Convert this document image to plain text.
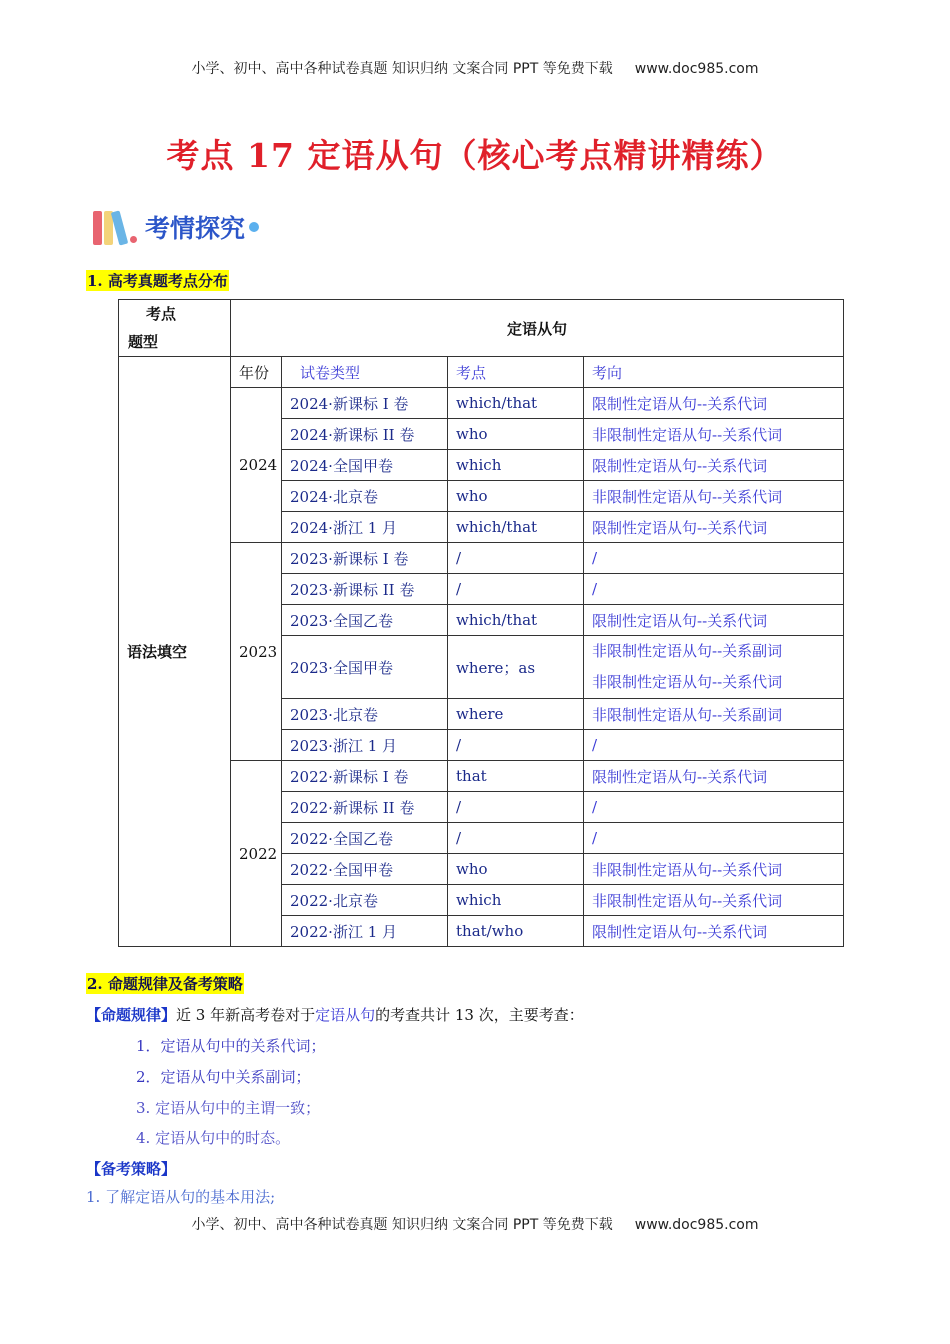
小学、初中、高中各种试卷真题 知识归纳 文案合同 PPT 等免费下载 www.doc985.com
考点 17 定语从句（核心考点精讲精练）
考情探究
1. 高考真题考点分布
考点
题型	定语从句			
语法填空	年份	试卷类型	考点	考向
	2024	2024·新课标 I 卷	which/that	限制性定语从句--关系代词
		2024·新课标 II 卷	who	非限制性定语从句--关系代词
		2024·全国甲卷	which	限制性定语从句--关系代词
		2024·北京卷	who	非限制性定语从句--关系代词
		2024·浙江 1 月	which/that	限制性定语从句--关系代词
	2023	2023·新课标 I 卷	/	/
		2023·新课标 II 卷	/	/
		2023·全国乙卷	which/that	限制性定语从句--关系代词
		2023·全国甲卷	where；as	非限制性定语从句--关系副词
非限制性定语从句--关系代词
		2023·北京卷	where	非限制性定语从句--关系副词
		2023·浙江 1 月	/	/
	2022	2022·新课标 I 卷	that	限制性定语从句--关系代词
		2022·新课标 II 卷	/	/
		2022·全国乙卷	/	/
		2022·全国甲卷	who	非限制性定语从句--关系代词
		2022·北京卷	which	非限制性定语从句--关系代词
		2022·浙江 1 月	that/who	限制性定语从句--关系代词
2. 命题规律及备考策略
【命题规律】近 3 年新高考卷对于定语从句的考查共计 13 次，主要考查：
1．定语从句中的关系代词；
2．定语从句中关系副词；
3. 定语从句中的主谓一致；
4. 定语从句中的时态。
【备考策略】
1. 了解定语从句的基本用法;
小学、初中、高中各种试卷真题 知识归纳 文案合同 PPT 等免费下载 www.doc985.com
